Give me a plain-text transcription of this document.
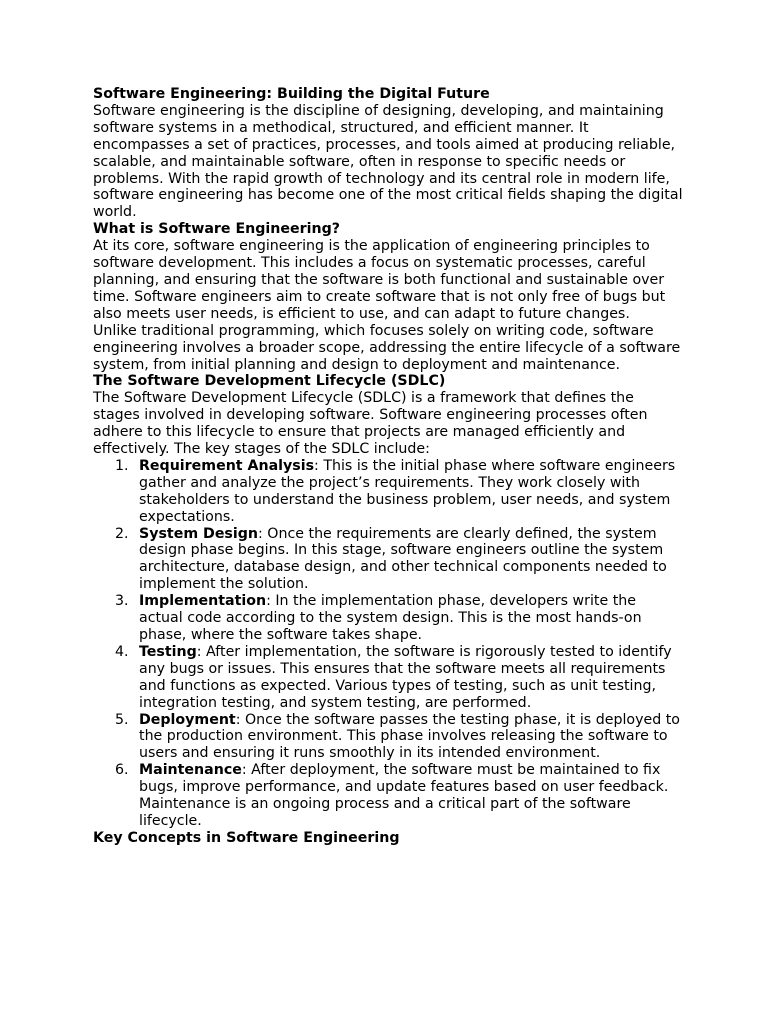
Software Engineering: Building the Digital Future

Software engineering is the discipline of designing, developing, and maintaining software systems in a methodical, structured, and efficient manner. It encompasses a set of practices, processes, and tools aimed at producing reliable, scalable, and maintainable software, often in response to specific needs or problems. With the rapid growth of technology and its central role in modern life, software engineering has become one of the most critical fields shaping the digital world.

What is Software Engineering?

At its core, software engineering is the application of engineering principles to software development. This includes a focus on systematic processes, careful planning, and ensuring that the software is both functional and sustainable over time. Software engineers aim to create software that is not only free of bugs but also meets user needs, is efficient to use, and can adapt to future changes.

Unlike traditional programming, which focuses solely on writing code, software engineering involves a broader scope, addressing the entire lifecycle of a software system, from initial planning and design to deployment and maintenance.

The Software Development Lifecycle (SDLC)

The Software Development Lifecycle (SDLC) is a framework that defines the stages involved in developing software. Software engineering processes often adhere to this lifecycle to ensure that projects are managed efficiently and effectively. The key stages of the SDLC include:

1. Requirement Analysis: This is the initial phase where software engineers gather and analyze the project’s requirements. They work closely with stakeholders to understand the business problem, user needs, and system expectations.
2. System Design: Once the requirements are clearly defined, the system design phase begins. In this stage, software engineers outline the system architecture, database design, and other technical components needed to implement the solution.
3. Implementation: In the implementation phase, developers write the actual code according to the system design. This is the most hands-on phase, where the software takes shape.
4. Testing: After implementation, the software is rigorously tested to identify any bugs or issues. This ensures that the software meets all requirements and functions as expected. Various types of testing, such as unit testing, integration testing, and system testing, are performed.
5. Deployment: Once the software passes the testing phase, it is deployed to the production environment. This phase involves releasing the software to users and ensuring it runs smoothly in its intended environment.
6. Maintenance: After deployment, the software must be maintained to fix bugs, improve performance, and update features based on user feedback. Maintenance is an ongoing process and a critical part of the software lifecycle.

Key Concepts in Software Engineering
